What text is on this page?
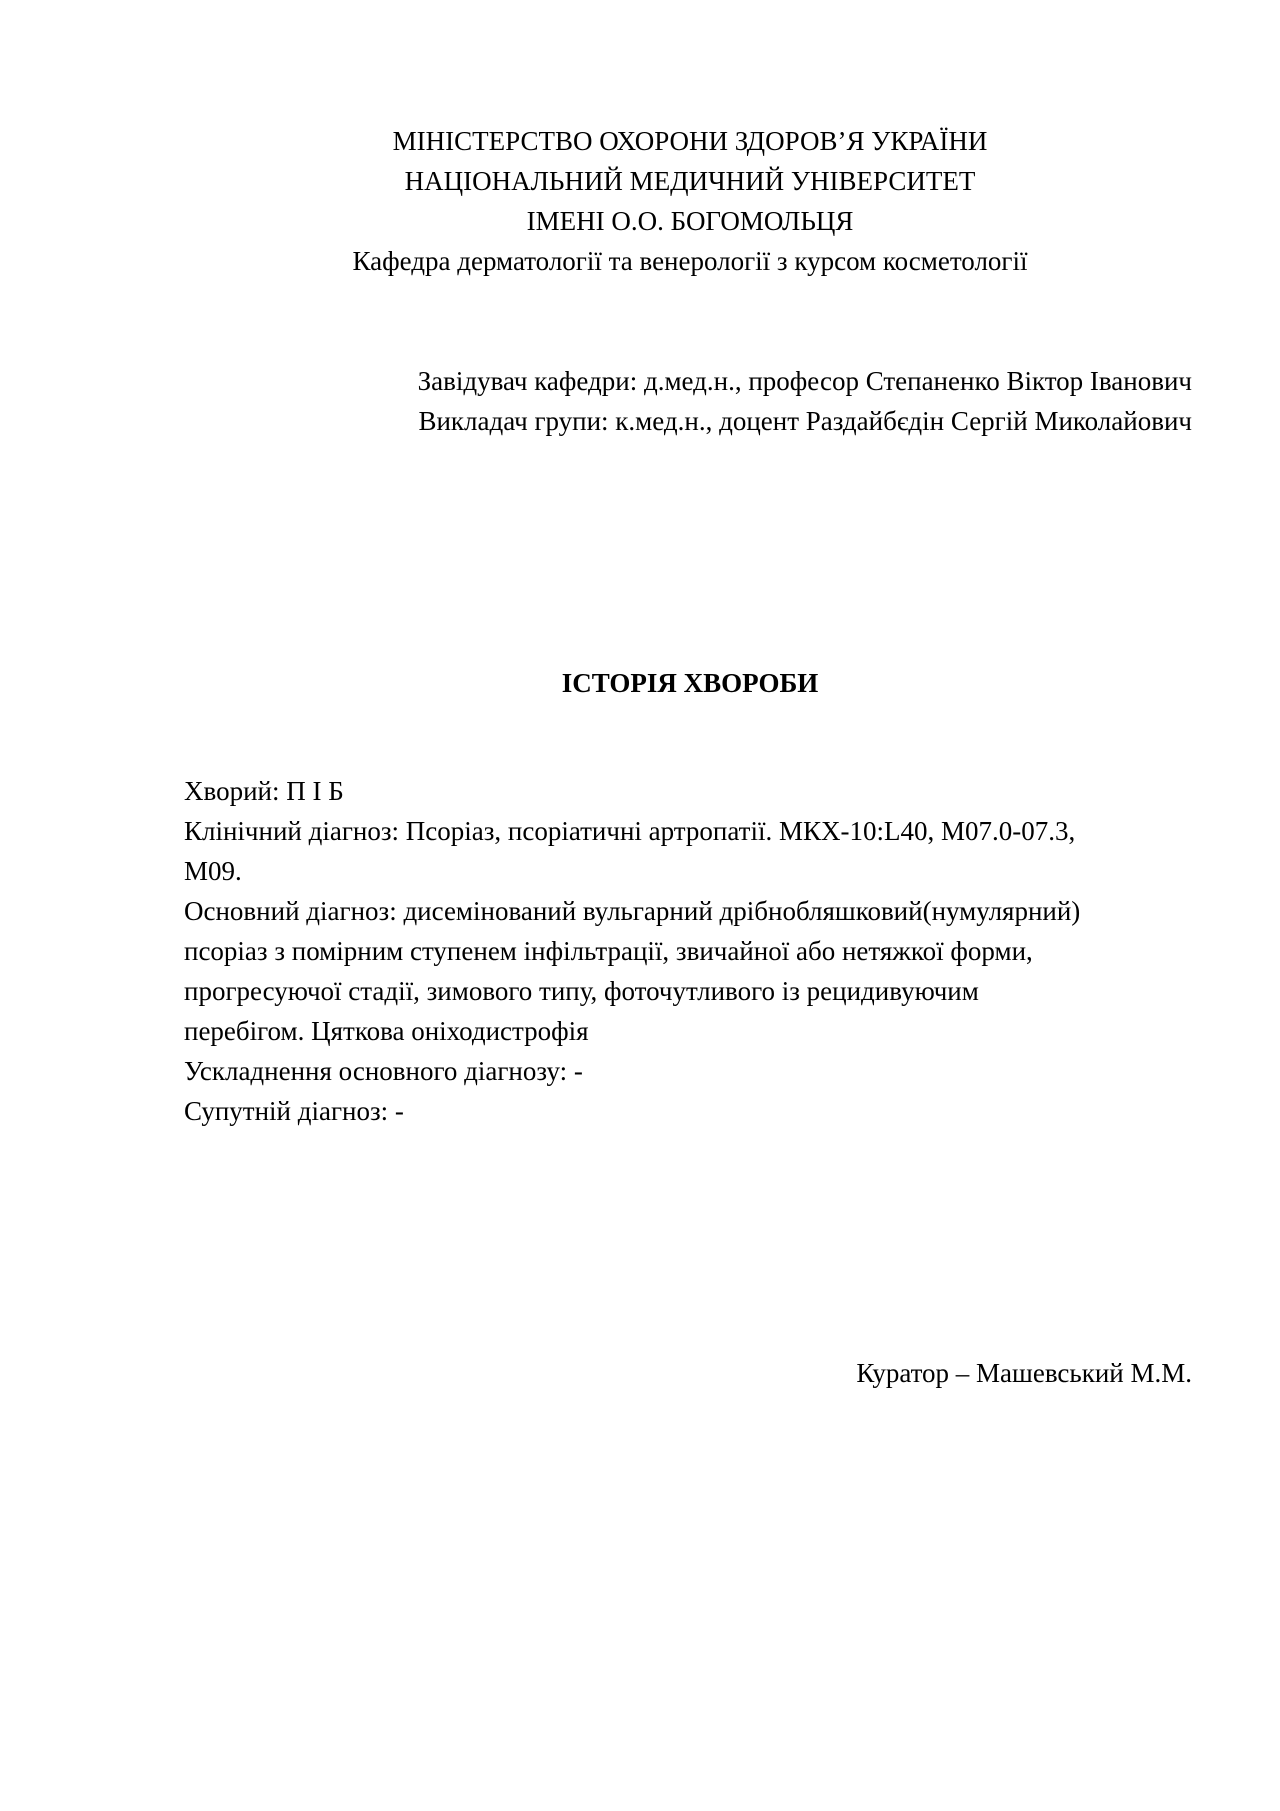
МІНІСТЕРСТВО ОХОРОНИ ЗДОРОВ’Я УКРАЇНИ
НАЦІОНАЛЬНИЙ МЕДИЧНИЙ УНІВЕРСИТЕТ
ІМЕНІ О.О. БОГОМОЛЬЦЯ
Кафедра дерматології та венерології з курсом косметології
Завідувач кафедри: д.мед.н., професор Степаненко Віктор Іванович
Викладач групи: к.мед.н., доцент Раздайбєдін Сергій Миколайович
ІСТОРІЯ ХВОРОБИ
Хворий: П І Б
Клінічний діагноз: Псоріаз, псоріатичні артропатії. МКХ-10:L40, M07.0-07.3,
M09.
Основний діагноз: дисемінований вульгарний дрібнобляшковий(нумулярний)
псоріаз з помірним ступенем інфільтрації, звичайної або нетяжкої форми,
прогресуючої стадії, зимового типу, фоточутливого із рецидивуючим
перебігом. Цяткова оніходистрофія
Ускладнення основного діагнозу: -
Супутній діагноз: -
Куратор – Машевський М.М.
